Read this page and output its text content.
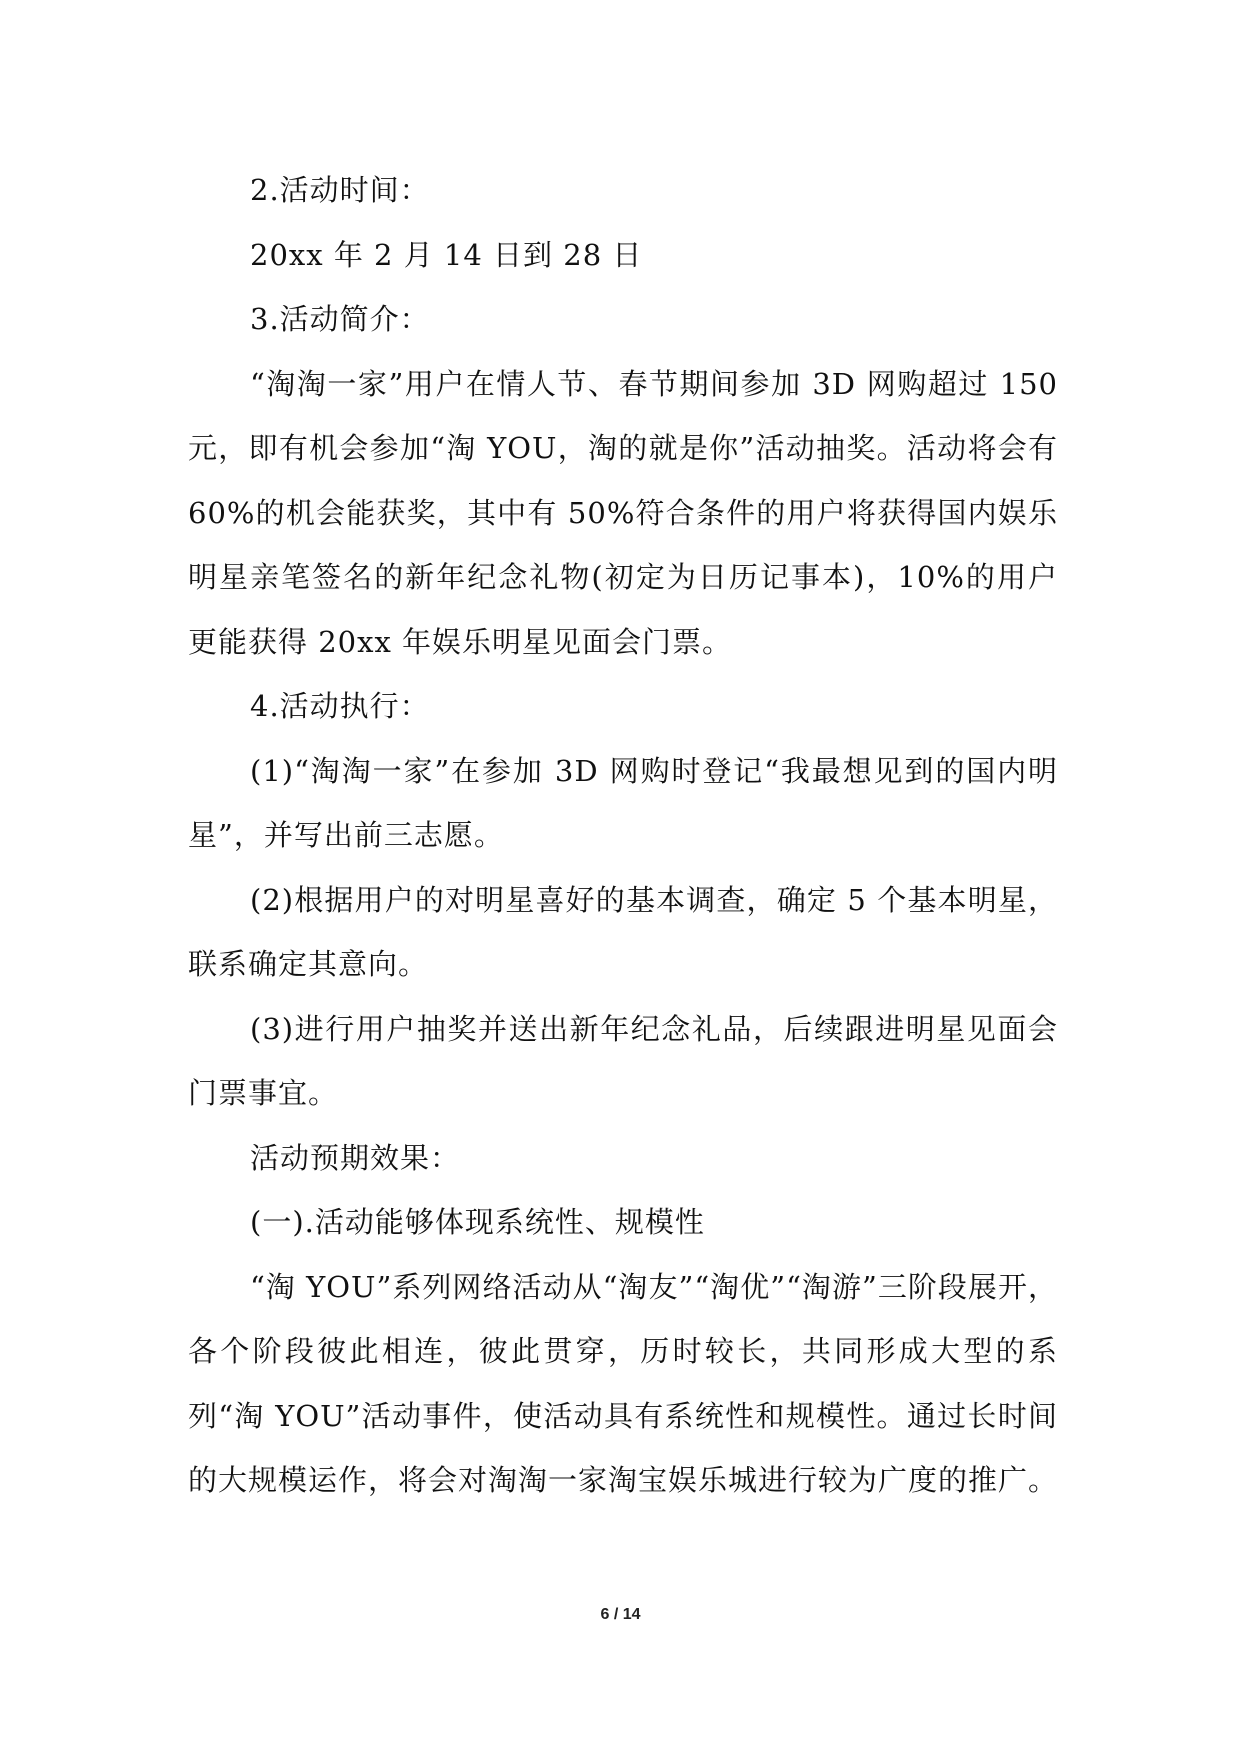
2.活动时间：

20xx 年 2 月 14 日到 28 日

3.活动简介：

“淘淘一家”用户在情人节、春节期间参加 3D 网购超过 150 元，即有机会参加“淘 YOU，淘的就是你”活动抽奖。活动将会有 60%的机会能获奖，其中有 50%符合条件的用户将获得国内娱乐明星亲笔签名的新年纪念礼物(初定为日历记事本)，10%的用户更能获得 20xx 年娱乐明星见面会门票。

4.活动执行：

(1)“淘淘一家”在参加 3D 网购时登记“我最想见到的国内明星”，并写出前三志愿。

(2)根据用户的对明星喜好的基本调查，确定 5 个基本明星，联系确定其意向。

(3)进行用户抽奖并送出新年纪念礼品，后续跟进明星见面会门票事宜。

活动预期效果：

(一).活动能够体现系统性、规模性

“淘 YOU”系列网络活动从“淘友”“淘优”“淘游”三阶段展开，各个阶段彼此相连，彼此贯穿，历时较长，共同形成大型的系列“淘 YOU”活动事件，使活动具有系统性和规模性。通过长时间的大规模运作，将会对淘淘一家淘宝娱乐城进行较为广度的推广。

6 / 14
